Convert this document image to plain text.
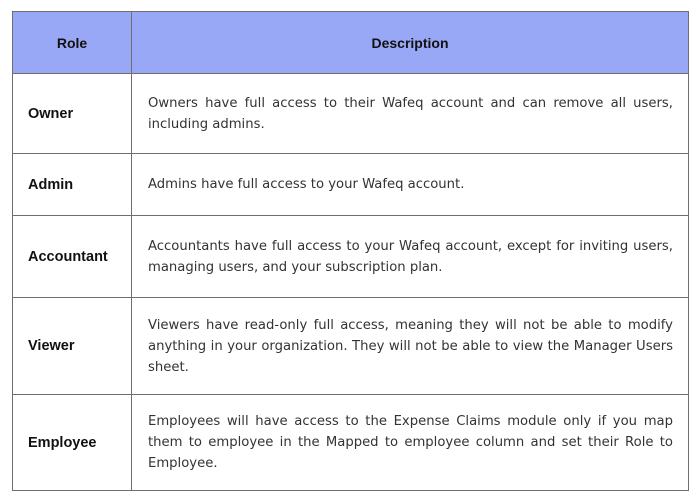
Role	Description
Owner	Owners have full access to their Wafeq account and can remove all users, including admins.
Admin	Admins have full access to your Wafeq account.
Accountant	Accountants have full access to your Wafeq account, except for inviting users, managing users, and your subscription plan.
Viewer	Viewers have read-only full access, meaning they will not be able to modify anything in your organization. They will not be able to view the Manager Users sheet.
Employee	Employees will have access to the Expense Claims module only if you map them to employee in the Mapped to employee column and set their Role to Employee.
